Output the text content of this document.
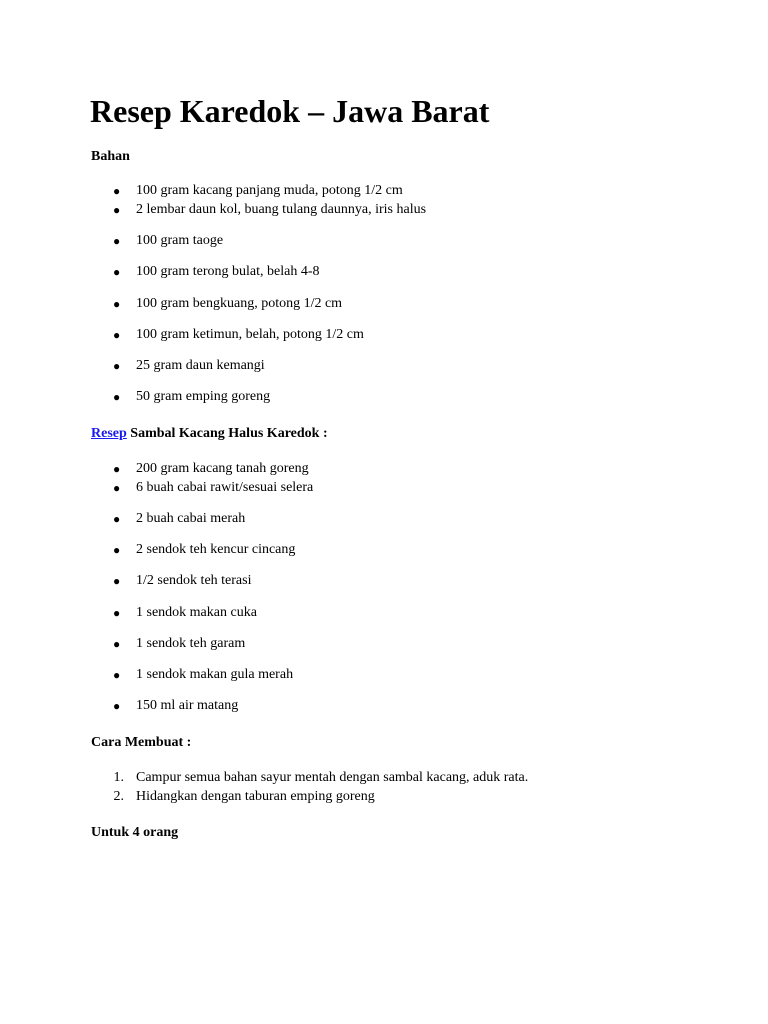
Resep Karedok – Jawa Barat

Bahan

● 100 gram kacang panjang muda, potong 1/2 cm
● 2 lembar daun kol, buang tulang daunnya, iris halus
● 100 gram taoge
● 100 gram terong bulat, belah 4-8
● 100 gram bengkuang, potong 1/2 cm
● 100 gram ketimun, belah, potong 1/2 cm
● 25 gram daun kemangi
● 50 gram emping goreng

Resep Sambal Kacang Halus Karedok :

● 200 gram kacang tanah goreng
● 6 buah cabai rawit/sesuai selera
● 2 buah cabai merah
● 2 sendok teh kencur cincang
● 1/2 sendok teh terasi
● 1 sendok makan cuka
● 1 sendok teh garam
● 1 sendok makan gula merah
● 150 ml air matang

Cara Membuat :

1. Campur semua bahan sayur mentah dengan sambal kacang, aduk rata.
2. Hidangkan dengan taburan emping goreng

Untuk 4 orang
